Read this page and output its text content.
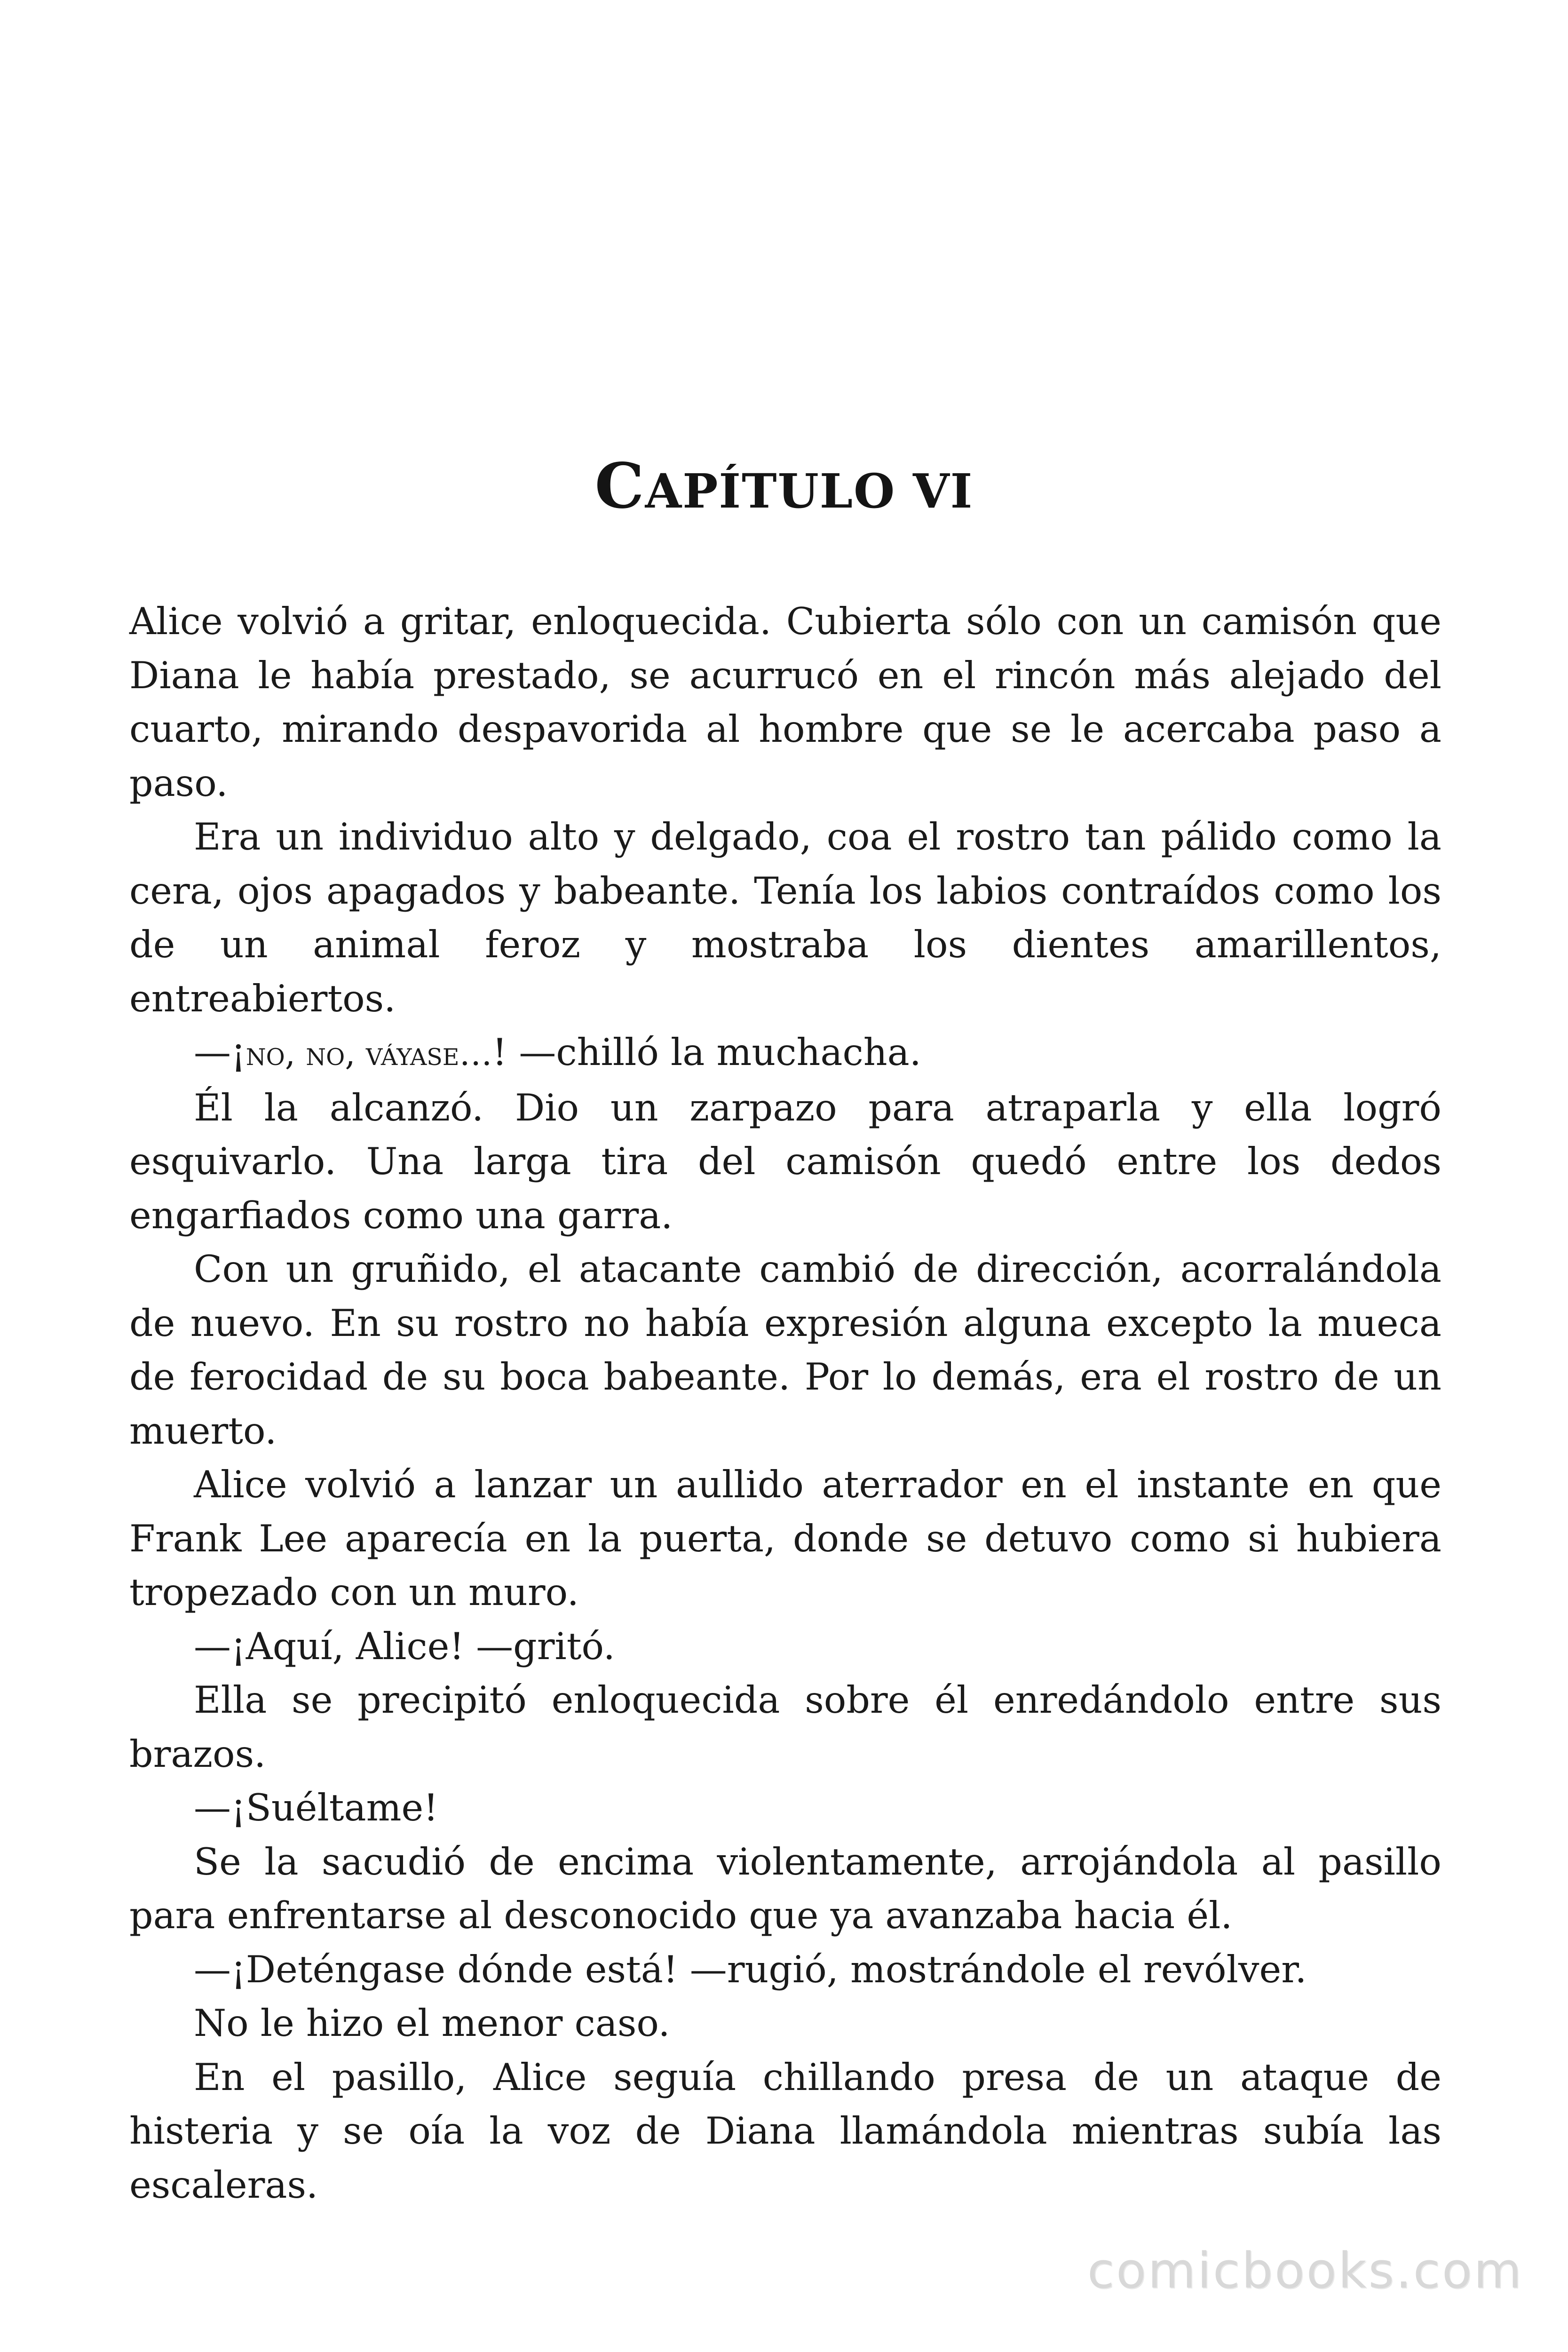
CAPÍTULO VI

Alice volvió a gritar, enloquecida. Cubierta sólo con un camisón que Diana le había prestado, se acurrucó en el rincón más alejado del cuarto, mirando despavorida al hombre que se le acercaba paso a paso.

Era un individuo alto y delgado, coa el rostro tan pálido como la cera, ojos apagados y babeante. Tenía los labios contraídos como los de un animal feroz y mostraba los dientes amarillentos, entreabiertos.

—¡no, no, váyase…! —chilló la muchacha.

Él la alcanzó. Dio un zarpazo para atraparla y ella logró esquivarlo. Una larga tira del camisón quedó entre los dedos engarfiados como una garra.

Con un gruñido, el atacante cambió de dirección, acorralándola de nuevo. En su rostro no había expresión alguna excepto la mueca de ferocidad de su boca babeante. Por lo demás, era el rostro de un muerto.

Alice volvió a lanzar un aullido aterrador en el instante en que Frank Lee aparecía en la puerta, donde se detuvo como si hubiera tropezado con un muro.

—¡Aquí, Alice! —gritó.

Ella se precipitó enloquecida sobre él enredándolo entre sus brazos.

—¡Suéltame!

Se la sacudió de encima violentamente, arrojándola al pasillo para enfrentarse al desconocido que ya avanzaba hacia él.

—¡Deténgase dónde está! —rugió, mostrándole el revólver.

No le hizo el menor caso.

En el pasillo, Alice seguía chillando presa de un ataque de histeria y se oía la voz de Diana llamándola mientras subía las escaleras.

comicbooks.com
